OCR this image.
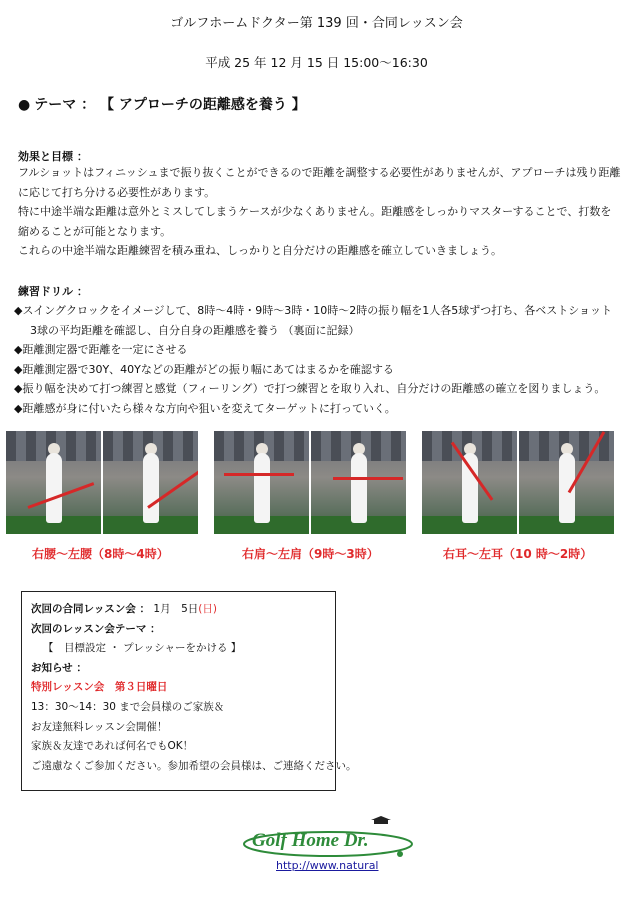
ゴルフホームドクター第 139 回・合同レッスン会
平成 25 年 12 月 15 日 15:00〜16:30
● テーマ ： 【 アプローチの距離感を養う 】
効果と目標 ：
フルショットはフィニッシュまで振り抜くことができるので距離を調整する必要性がありませんが、アプローチは残り距離
に応じて打ち分ける必要性があります。
特に中途半端な距離は意外とミスしてしまうケースが少なくありません。距離感をしっかりマスターすることで、打数を
縮めることが可能となります。
これらの中途半端な距離練習を積み重ね、しっかりと自分だけの距離感を確立していきましょう。
練習ドリル ：
◆スイングクロックをイメージして、8時～4時・9時～3時・10時～2時の振り幅を1人各5球ずつ打ち、各ベストショット
3球の平均距離を確認し、自分自身の距離感を養う （裏面に記録）
◆距離測定器で距離を一定にさせる
◆距離測定器で30Y、40Yなどの距離がどの振り幅にあてはまるかを確認する
◆振り幅を決めて打つ練習と感覚（フィーリング）で打つ練習とを取り入れ、自分だけの距離感の確立を図りましょう。
◆距離感が身に付いたら様々な方向や狙いを変えてターゲットに打っていく。
右腰～左腰（8時～4時）	右肩～左肩（9時～3時）	右耳～左耳（10 時～2時）
次回の合同レッスン会 ： 1月　5日(日)
次回のレッスン会テーマ ：
【　目標設定 ・ プレッシャーをかける 】
お知らせ ：
特別レッスン会　第３日曜日
13：30～14：30 まで会員様のご家族＆
お友達無料レッスン会開催！
家族＆友達であれば何名でもOK！
ご遠慮なくご参加ください。参加希望の会員様は、ご連絡ください。
Golf Home Dr.
http://www.natural
